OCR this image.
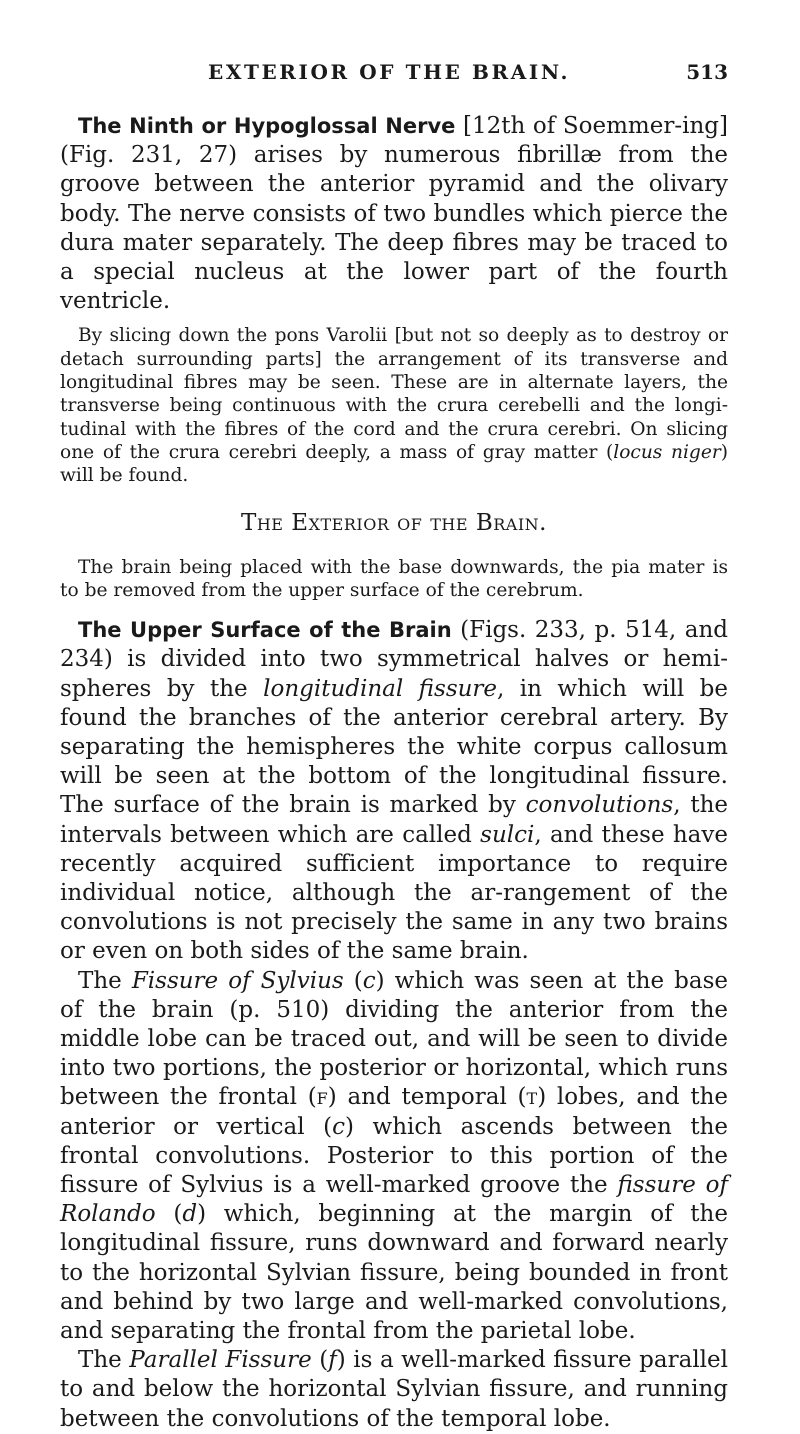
EXTERIOR OF THE BRAIN.	513

The Ninth or Hypoglossal Nerve [12th of Soemmer-ing] (Fig. 231, 27) arises by numerous fibrillæ from the groove between the anterior pyramid and the olivary body. The nerve consists of two bundles which pierce the dura mater separately. The deep fibres may be traced to a special nucleus at the lower part of the fourth ventricle.

By slicing down the pons Varolii [but not so deeply as to destroy or detach surrounding parts] the arrangement of its transverse and longitudinal fibres may be seen. These are in alternate layers, the transverse being continuous with the crura cerebelli and the longi-tudinal with the fibres of the cord and the crura cerebri. On slicing one of the crura cerebri deeply, a mass of gray matter (locus niger) will be found.

The Exterior of the Brain.

The brain being placed with the base downwards, the pia mater is to be removed from the upper surface of the cerebrum.

The Upper Surface of the Brain (Figs. 233, p. 514, and 234) is divided into two symmetrical halves or hemi-spheres by the longitudinal fissure, in which will be found the branches of the anterior cerebral artery. By separating the hemispheres the white corpus callosum will be seen at the bottom of the longitudinal fissure. The surface of the brain is marked by convolutions, the intervals between which are called sulci, and these have recently acquired sufficient importance to require individual notice, although the ar-rangement of the convolutions is not precisely the same in any two brains or even on both sides of the same brain.

The Fissure of Sylvius (c) which was seen at the base of the brain (p. 510) dividing the anterior from the middle lobe can be traced out, and will be seen to divide into two portions, the posterior or horizontal, which runs between the frontal (f) and temporal (t) lobes, and the anterior or vertical (c) which ascends between the frontal convolutions. Posterior to this portion of the fissure of Sylvius is a well-marked groove the fissure of Rolando (d) which, beginning at the margin of the longitudinal fissure, runs downward and forward nearly to the horizontal Sylvian fissure, being bounded in front and behind by two large and well-marked convolutions, and separating the frontal from the parietal lobe.

The Parallel Fissure (f) is a well-marked fissure parallel to and below the horizontal Sylvian fissure, and running between the convolutions of the temporal lobe.
